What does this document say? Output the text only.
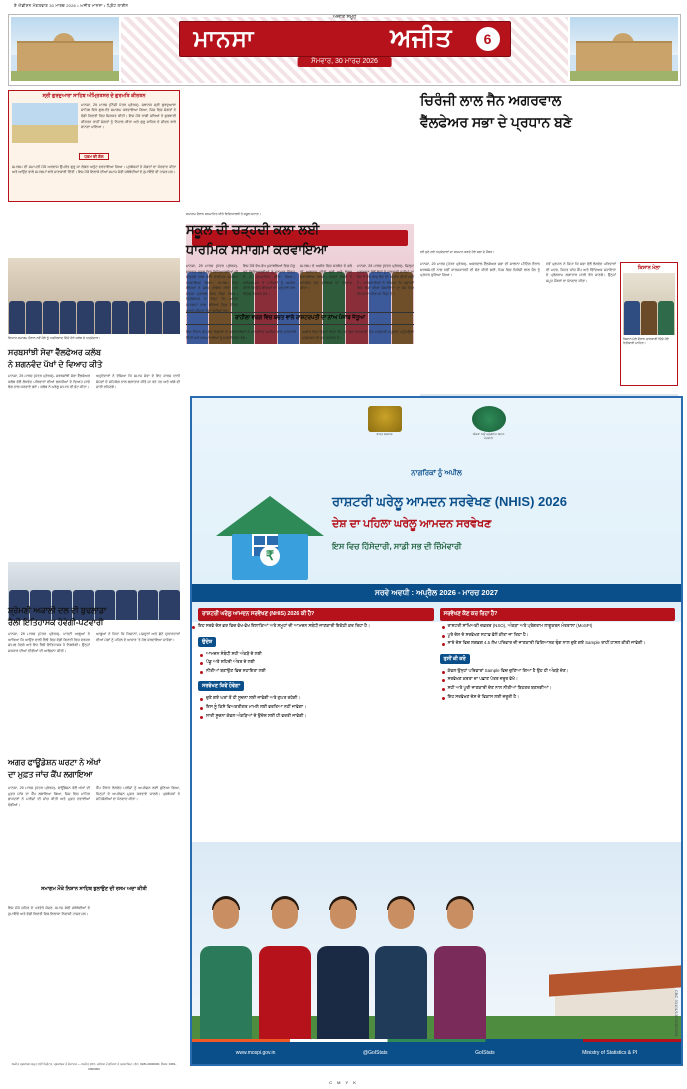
ਏ ਐਡੀਸ਼ਨ ਮੰਗਲਵਾਰ 30 ਮਾਰਚ 2026 • ਅਜੀਤ ਮਾਨਸਾ • ਪ੍ਰਿੰਟ ਲਾਈਨ
ਅਜੀਤ ਸਮੂਹ
ਮਾਨਸਾ	ਅਜੀਤ	6
ਸੋਮਵਾਰ, 30 ਮਾਰਚ 2026
ਸ੍ਰੀ ਗੁਰਦੁਆਰਾ ਸਾਹਿਬ ਅੰਮ੍ਰਿਤਸਰ ਦੇ ਗੁਰਮਤਿ ਕੀਰਤਨ
ਮਾਨਸਾ, 29 ਮਾਰਚ (ਨਿੱਜੀ ਪੱਤਰ ਪ੍ਰੇਰਕ)- ਸਥਾਨਕ ਸ੍ਰੀ ਗੁਰਦੁਆਰਾ ਸਾਹਿਬ ਵਿਖੇ ਗੁਰਮਤਿ ਸਮਾਗਮ ਕਰਵਾਇਆ ਗਿਆ, ਜਿਸ ਵਿਚ ਸੰਗਤਾਂ ਨੇ ਵੱਡੀ ਗਿਣਤੀ ਵਿਚ ਸ਼ਿਰਕਤ ਕੀਤੀ। ਇਸ ਮੌਕੇ ਰਾਗੀ ਜਥਿਆਂ ਨੇ ਗੁਰਬਾਣੀ ਕੀਰਤਨ ਰਾਹੀਂ ਸੰਗਤਾਂ ਨੂੰ ਨਿਹਾਲ ਕੀਤਾ ਅਤੇ ਗੁਰੂ ਸਾਹਿਬ ਦੇ ਜੀਵਨ ਬਾਰੇ ਚਾਨਣਾ ਪਾਇਆ।
ਧਰਮ ਦੀ ਗੱਲ
ਸਮਾਗਮ ਦੀ ਸਮਾਪਤੀ ਮੌਕੇ ਅਰਦਾਸ ਉਪਰੰਤ ਗੁਰੂ ਕਾ ਲੰਗਰ ਅਤੁੱਟ ਵਰਤਾਇਆ ਗਿਆ। ਪ੍ਰਬੰਧਕਾਂ ਨੇ ਸੰਗਤਾਂ ਦਾ ਧੰਨਵਾਦ ਕੀਤਾ ਅਤੇ ਆਉਣ ਵਾਲੇ ਸਮਾਗਮਾਂ ਬਾਰੇ ਜਾਣਕਾਰੀ ਦਿੱਤੀ। ਇਸ ਮੌਕੇ ਇਲਾਕੇ ਦੀਆਂ ਸਮਾਜ ਸੇਵੀ ਜਥੇਬੰਦੀਆਂ ਦੇ ਨੁਮਾਇੰਦੇ ਵੀ ਹਾਜ਼ਰ ਸਨ।
ਵਿਆਹ ਸਮਾਗਮ ਦੌਰਾਨ ਨਵੇਂ ਜੋੜੇ ਨੂੰ ਅਸ਼ੀਰਵਾਦ ਦਿੰਦੇ ਹੋਏ ਕਲੱਬ ਦੇ ਅਹੁਦੇਦਾਰ।
ਸਰਬਸਾਂਝੀ ਸੇਵਾ ਵੈੱਲਫੇਅਰ ਕਲੱਬ
ਨੇ ਸ਼ਗਨਵੰਦ ਪੱਖਾਂ ਦੇ ਵਿਆਹ ਕੀਤੇ
ਮਾਨਸਾ, 29 ਮਾਰਚ (ਪੱਤਰ ਪ੍ਰੇਰਕ)- ਸਰਬਸਾਂਝੀ ਸੇਵਾ ਵੈੱਲਫੇਅਰ ਕਲੱਬ ਵੱਲੋਂ ਲੋੜਵੰਦ ਪਰਿਵਾਰਾਂ ਦੀਆਂ ਲੜਕੀਆਂ ਦੇ ਵਿਆਹ ਸਾਦੇ ਢੰਗ ਨਾਲ ਕਰਵਾਏ ਗਏ। ਕਲੱਬ ਨੇ ਘਰੇਲੂ ਸਾਮਾਨ ਵੀ ਭੇਟ ਕੀਤਾ।
ਅਹੁਦੇਦਾਰਾਂ ਨੇ ਦੱਸਿਆ ਕਿ ਸਮਾਜ ਸੇਵਾ ਦੇ ਇਹ ਕਾਰਜ ਦਾਨੀ ਸੱਜਣਾਂ ਦੇ ਸਹਿਯੋਗ ਨਾਲ ਲਗਾਤਾਰ ਕੀਤੇ ਜਾ ਰਹੇ ਹਨ ਅਤੇ ਅੱਗੇ ਵੀ ਜਾਰੀ ਰਹਿਣਗੇ।
ਸ਼੍ਰੋਮਣੀ ਅਕਾਲੀ ਦਲ ਦੀ ਬੁਢਲਾਡਾ
ਰੈਲੀ ਇਤਿਹਾਸਕ ਹੋਵੇਗੀ-ਪਟਵਾਰੀ
ਮਾਨਸਾ, 29 ਮਾਰਚ (ਪੱਤਰ ਪ੍ਰੇਰਕ)- ਪਾਰਟੀ ਆਗੂਆਂ ਨੇ ਆਖਿਆ ਕਿ ਆਉਣ ਵਾਲੀ ਰੈਲੀ ਵਿਚ ਵੱਡੀ ਗਿਣਤੀ ਵਿਚ ਵਰਕਰ ਸ਼ਾਮਲ ਹੋਣਗੇ ਅਤੇ ਇਹ ਰੈਲੀ ਇਤਿਹਾਸਕ ਹੋ ਨਿਬੜੇਗੀ। ਉਨ੍ਹਾਂ ਸਰਕਾਰ ਦੀਆਂ ਨੀਤੀਆਂ ਦੀ ਆਲੋਚਨਾ ਕੀਤੀ।
ਆਗੂਆਂ ਨੇ ਕਿਹਾ ਕਿ ਕਿਸਾਨਾਂ, ਮਜ਼ਦੂਰਾਂ ਅਤੇ ਛੋਟੇ ਦੁਕਾਨਦਾਰਾਂ ਦੀਆਂ ਮੰਗਾਂ ਨੂੰ ਪਹਿਲ ਦੇ ਆਧਾਰ 'ਤੇ ਹੱਲ ਕਰਵਾਇਆ ਜਾਵੇਗਾ।
ਅਗਰ ਫਾਊਂਡੇਸ਼ਨ ਘਰਟਾ ਨੇ ਅੱਖਾਂ
ਦਾ ਮੁਫ਼ਤ ਜਾਂਚ ਕੈਂਪ ਲਗਾਇਆ
ਮਾਨਸਾ, 29 ਮਾਰਚ (ਪੱਤਰ ਪ੍ਰੇਰਕ)- ਫਾਊਂਡੇਸ਼ਨ ਵੱਲੋਂ ਅੱਖਾਂ ਦੀ ਮੁਫ਼ਤ ਜਾਂਚ ਦਾ ਕੈਂਪ ਲਗਾਇਆ ਗਿਆ, ਜਿਸ ਵਿਚ ਮਾਹਿਰ ਡਾਕਟਰਾਂ ਨੇ ਮਰੀਜ਼ਾਂ ਦੀ ਜਾਂਚ ਕੀਤੀ ਅਤੇ ਮੁਫ਼ਤ ਦਵਾਈਆਂ ਵੰਡੀਆਂ।
ਕੈਂਪ ਦੌਰਾਨ ਲੋੜਵੰਦ ਮਰੀਜ਼ਾਂ ਨੂੰ ਅਪਰੇਸ਼ਨ ਲਈ ਚੁਣਿਆ ਗਿਆ, ਜਿਨ੍ਹਾਂ ਦੇ ਅਪਰੇਸ਼ਨ ਮੁਫ਼ਤ ਕਰਵਾਏ ਜਾਣਗੇ। ਪ੍ਰਬੰਧਕਾਂ ਨੇ ਸਹਿਯੋਗੀਆਂ ਦਾ ਧੰਨਵਾਦ ਕੀਤਾ।
ਸਮਾਗਮ ਮੌਕੇ ਨਿਸ਼ਾਨ ਸਾਹਿਬ ਝੁਲਾਉਣ ਦੀ ਰਸਮ ਅਦਾ ਕੀਤੀ
ਇਸ ਮੌਕੇ ਸ਼ਹਿਰ ਦੇ ਪਤਵੰਤੇ ਸੱਜਣ, ਸਮਾਜ ਸੇਵੀ ਜਥੇਬੰਦੀਆਂ ਦੇ ਨੁਮਾਇੰਦੇ ਅਤੇ ਵੱਡੀ ਗਿਣਤੀ ਵਿਚ ਇਲਾਕਾ ਨਿਵਾਸੀ ਹਾਜ਼ਰ ਸਨ।
ਅਜੀਤ ਪ੍ਰਕਾਸ਼ਨ ਸਮੂਹ ਲਈ ਪ੍ਰਿੰਟਰ, ਪ੍ਰਕਾਸ਼ਕ ਤੇ ਸੰਪਾਦਕ — ਅਜੀਤ ਭਵਨ, ਜਲੰਧਰ ਤੋਂ ਛਪਿਆ ਤੇ ਪ੍ਰਕਾਸ਼ਿਤ। ਫ਼ੋਨ: 0181-0000000, ਫ਼ੈਕਸ: 0181-0000000
ਸਮਾਗਮ ਦੌਰਾਨ ਸਨਮਾਨਿਤ ਕੀਤੇ ਵਿਦਿਆਰਥੀ ਤੇ ਸਕੂਲ ਸਟਾਫ਼।
ਸਕੂਲ ਦੀ ਚੜ੍ਹਦੀ ਕਲਾ ਲਈ
ਧਾਰਮਿਕ ਸਮਾਗਮ ਕਰਵਾਇਆ
ਮਾਨਸਾ, 29 ਮਾਰਚ (ਪੱਤਰ ਪ੍ਰੇਰਕ)- ਸਥਾਨਕ ਸਕੂਲ ਵਿਖੇ ਵਿਦਿਆਰਥੀਆਂ ਦੀ ਚੜ੍ਹਦੀ ਕਲਾ ਲਈ ਧਾਰਮਿਕ ਸਮਾਗਮ ਕਰਵਾਇਆ ਗਿਆ। ਸਮਾਗਮ ਵਿਚ ਬੱਚਿਆਂ ਨੇ ਸ਼ਬਦ ਗਾਇਨ ਕੀਤਾ ਅਤੇ ਭਾਸ਼ਣ ਮੁਕਾਬਲੇ ਵਿਚ ਹਿੱਸਾ ਲਿਆ। ਪ੍ਰਿੰਸੀਪਲ ਨੇ ਕਿਹਾ ਕਿ ਅਜਿਹੇ ਸਮਾਗਮਾਂ ਨਾਲ ਬੱਚਿਆਂ ਵਿਚ ਨੈਤਿਕ ਕਦਰਾਂ-ਕੀਮਤਾਂ ਪੈਦਾ ਹੁੰਦੀਆਂ ਹਨ।
ਇਸ ਮੌਕੇ ਵੱਖ-ਵੱਖ ਮੁਕਾਬਲਿਆਂ ਵਿਚ ਜੇਤੂ ਰਹੇ ਵਿਦਿਆਰਥੀਆਂ ਨੂੰ ਸਨਮਾਨ ਚਿੰਨ੍ਹ ਦੇ ਕੇ ਸਨਮਾਨਿਤ ਕੀਤਾ ਗਿਆ। ਅਧਿਆਪਕਾਂ ਨੇ ਮਾਪਿਆਂ ਨੂੰ ਅਪੀਲ ਕੀਤੀ ਕਿ ਉਹ ਬੱਚਿਆਂ ਦੀ ਪੜ੍ਹਾਈ ਵੱਲ ਵਿਸ਼ੇਸ਼ ਧਿਆਨ ਦੇਣ।
ਸਮਾਗਮ ਦੇ ਅਖ਼ੀਰ ਵਿਚ ਸਰਬੱਤ ਦੇ ਭਲੇ ਦੀ ਅਰਦਾਸ ਕੀਤੀ ਗਈ ਅਤੇ ਲੰਗਰ ਵਰਤਾਇਆ ਗਿਆ। ਕਮੇਟੀ ਮੈਂਬਰਾਂ ਨੇ ਸਹਿਯੋਗ ਦੇਣ ਵਾਲਿਆਂ ਦਾ ਧੰਨਵਾਦ ਕੀਤਾ।
ਮਾਨਸਾ, 29 ਮਾਰਚ (ਪੱਤਰ ਪ੍ਰੇਰਕ)- ਜ਼ਿਲ੍ਹਾ ਪ੍ਰਸ਼ਾਸਨ ਵੱਲੋਂ ਲੋਕਾਂ ਨੂੰ ਸਰਕਾਰੀ ਸਕੀਮਾਂ ਦਾ ਵੱਧ ਤੋਂ ਵੱਧ ਲਾਭ ਲੈਣ ਦੀ ਅਪੀਲ ਕੀਤੀ ਗਈ ਹੈ। ਅਧਿਕਾਰੀਆਂ ਨੇ ਦੱਸਿਆ ਕਿ ਦਫ਼ਤਰਾਂ ਵਿਚ ਲੋਕਾਂ ਦੀਆਂ ਸ਼ਿਕਾਇਤਾਂ ਦਾ ਸਮੇਂ ਸਿਰ ਨਿਪਟਾਰਾ ਕੀਤਾ ਜਾ ਰਿਹਾ ਹੈ।
ਰਾਹੀਲਾ ਵਰਗ ਵਿਚ ਬਚਤ ਵਾਲੇ ਰਾਸ਼ਟਰਪਤੀ ਦਾ ਨਾਂਅ ਪੰਜਾਬ ਜੇਤੂਆ
ਇਸ ਦੌਰਾਨ ਵੱਖ-ਵੱਖ ਵਿਭਾਗਾਂ ਦੇ ਅਧਿਕਾਰੀਆਂ ਨੇ ਆਪਣੀਆਂ ਸਕੀਮਾਂ ਬਾਰੇ ਜਾਣਕਾਰੀ ਦਿੱਤੀ ਅਤੇ ਲਾਭਪਾਤਰੀਆਂ ਨੂੰ ਸਰਟੀਫਿਕੇਟ ਵੰਡੇ।
ਅਖ਼ੀਰ ਵਿਚ ਉਨ੍ਹਾਂ ਕਿਹਾ ਕਿ ਹਰ ਯੋਗ ਵਿਅਕਤੀ ਤੱਕ ਸਰਕਾਰੀ ਸਹੂਲਤਾਂ ਪਹੁੰਚਾਉਣਾ ਪ੍ਰਸ਼ਾਸਨ ਦੀ ਮੁੱਖ ਤਰਜੀਹ ਹੈ।
ਚਿਰੰਜੀ ਲਾਲ ਜੈਨ ਅਗਰਵਾਲ
ਵੈੱਲਫੇਅਰ ਸਭਾ ਦੇ ਪ੍ਰਧਾਨ ਬਣੇ
ਨਵੇਂ ਚੁਣੇ ਗਏ ਅਹੁਦੇਦਾਰਾਂ ਦਾ ਸਨਮਾਨ ਕਰਦੇ ਹੋਏ ਸਭਾ ਦੇ ਮੈਂਬਰ।
ਮਾਨਸਾ, 29 ਮਾਰਚ (ਪੱਤਰ ਪ੍ਰੇਰਕ)- ਅਗਰਵਾਲ ਵੈੱਲਫੇਅਰ ਸਭਾ ਦੀ ਸਾਲਾਨਾ ਮੀਟਿੰਗ ਦੌਰਾਨ ਸਰਬਸੰਮਤੀ ਨਾਲ ਨਵੀਂ ਕਾਰਜਕਾਰਨੀ ਦੀ ਚੋਣ ਕੀਤੀ ਗਈ, ਜਿਸ ਵਿਚ ਚਿਰੰਜੀ ਲਾਲ ਜੈਨ ਨੂੰ ਪ੍ਰਧਾਨ ਚੁਣਿਆ ਗਿਆ।
ਨਵੇਂ ਪ੍ਰਧਾਨ ਨੇ ਕਿਹਾ ਕਿ ਸਭਾ ਵੱਲੋਂ ਲੋੜਵੰਦ ਪਰਿਵਾਰਾਂ ਦੀ ਮਦਦ, ਸਿਹਤ ਜਾਂਚ ਕੈਂਪ ਅਤੇ ਵਿੱਦਿਅਕ ਸਹਾਇਤਾ ਦੇ ਪ੍ਰੋਗਰਾਮ ਲਗਾਤਾਰ ਜਾਰੀ ਰੱਖੇ ਜਾਣਗੇ। ਉਨ੍ਹਾਂ ਸਮੂਹ ਮੈਂਬਰਾਂ ਦਾ ਧੰਨਵਾਦ ਕੀਤਾ।
ਕਿਸਾਨ ਮੇਲਾ
ਕਿਸਾਨ ਮੇਲੇ ਦੌਰਾਨ ਜਾਣਕਾਰੀ ਦਿੰਦੇ ਹੋਏ ਖੇਤੀਬਾੜੀ ਮਾਹਿਰ।
ਭਾਰਤ ਸਰਕਾਰ	ਅੰਕੜਾ ਅਤੇ ਪ੍ਰੋਗਰਾਮ ਅਮਲ ਮੰਤਰਾਲਾ
ਨਾਗਰਿਕਾਂ ਨੂੰ ਅਪੀਲ
₹
ਰਾਸ਼ਟਰੀ ਘਰੇਲੂ ਆਮਦਨ ਸਰਵੇਖਣ (NHIS) 2026
ਦੇਸ਼ ਦਾ ਪਹਿਲਾ ਘਰੇਲੂ ਆਮਦਨ ਸਰਵੇਖਣ
ਇਸ ਵਿਚ ਹਿੱਸੇਦਾਰੀ, ਸਾਡੀ ਸਭ ਦੀ ਜ਼ਿੰਮੇਵਾਰੀ
ਸਰਵੇ ਅਵਧੀ : ਅਪ੍ਰੈਲ 2026 - ਮਾਰਚ 2027
ਰਾਸ਼ਟਰੀ ਘਰੇਲੂ ਆਮਦਨ ਸਰਵੇਖਣ (NHIS) 2026 ਕੀ ਹੈ?
ਇਹ ਸਰਵੇ ਦੇਸ਼ ਭਰ ਵਿਚ ਵੱਖ-ਵੱਖ ਇਲਾਕਿਆਂ ਅਤੇ ਸਮੂਹਾਂ ਦੀ ਆਮਦਨ ਸਬੰਧੀ ਜਾਣਕਾਰੀ ਇਕੱਠੀ ਕਰ ਰਿਹਾ ਹੈ।
ਉਦੇਸ਼
ਆਮਦਨ ਸੰਬੰਧੀ ਸਹੀ ਅੰਕੜੇ ਦੇ ਲਈ
ਪੇਂਡੂ ਅਤੇ ਸ਼ਹਿਰੀ ਅੰਤਰ ਦੇ ਲਈ
ਨੀਤੀਆਂ ਬਣਾਉਣ ਵਿਚ ਸਹਾਇਤਾ ਲਈ
ਸਰਵੇਖਣ ਕਿਵੇਂ ਹੋਵੇਗਾ
ਚੁਣੇ ਗਏ ਘਰਾਂ ਤੋਂ ਹੀ ਸੂਚਨਾ ਲਈ ਜਾਵੇਗੀ ਅਤੇ ਗੁਪਤ ਰਹੇਗੀ।
ਇਸ ਨੂੰ ਕਿਸੇ ਵਿਅਕਤੀਗਤ ਮਾਮਲੇ ਲਈ ਵਰਤਿਆ ਨਹੀਂ ਜਾਵੇਗਾ।
ਸਾਰੀ ਸੂਚਨਾ ਕੇਵਲ ਅੰਕੜਿਆਂ ਦੇ ਉਦੇਸ਼ ਲਈ ਹੀ ਵਰਤੀ ਜਾਵੇਗੀ।
ਸਰਵੇਖਣ ਕੌਣ ਕਰ ਰਿਹਾ ਹੈ?
ਰਾਸ਼ਟਰੀ ਸਾਂਖਿਅਕੀ ਦਫ਼ਤਰ (NSO), ਅੰਕੜਾ ਅਤੇ ਪ੍ਰੋਗਰਾਮ ਲਾਗੂਕਰਨ ਮੰਤਰਾਲਾ (MoSPI)
ਪੂਰੇ ਦੇਸ਼ ਦੇ ਸਰਵੇਖਣ ਸਟਾਫ਼ ਵੱਲੋਂ ਕੀਤਾ ਜਾ ਰਿਹਾ ਹੈ।
ਸਾਰੇ ਦੇਸ਼ ਵਿਚ ਲਗਭਗ 4.5 ਲੱਖ ਪਰਿਵਾਰ ਦੀ ਜਾਣਕਾਰੀ ਵਿਗਿਆਨਕ ਢੰਗ ਨਾਲ ਚੁਣੇ ਗਏ Sample ਰਾਹੀਂ ਹਾਸਲ ਕੀਤੀ ਜਾਵੇਗੀ।
ਤੁਸੀਂ ਕੀ ਕਰੋ
ਕੇਵਲ ਉਨ੍ਹਾਂ ਪਰਿਵਾਰਾਂ Sample ਵਿਚ ਚੁਣਿਆ ਗਿਆ ਹੈ ਉਹ ਹੀ ਅੰਕੜੇ ਦੇਣ।
ਸਰਵੇਖਣ ਕਰਤਾ ਦਾ ਪਛਾਣ ਪੱਤਰ ਜ਼ਰੂਰ ਵੇਖੋ।
ਸਹੀ ਅਤੇ ਪੂਰੀ ਜਾਣਕਾਰੀ ਦੇਣ ਨਾਲ ਨੀਤੀਆਂ ਬਿਹਤਰ ਬਣਨਗੀਆਂ।
ਇਹ ਸਰਵੇਖਣ ਦੇਸ਼ ਦੇ ਵਿਕਾਸ ਲਈ ਜ਼ਰੂਰੀ ਹੈ।
CBC 33101/13/0018/2526
www.mospi.gov.in	@GoIStats	GoIStats	Ministry of Statistics & PI
C M Y K
